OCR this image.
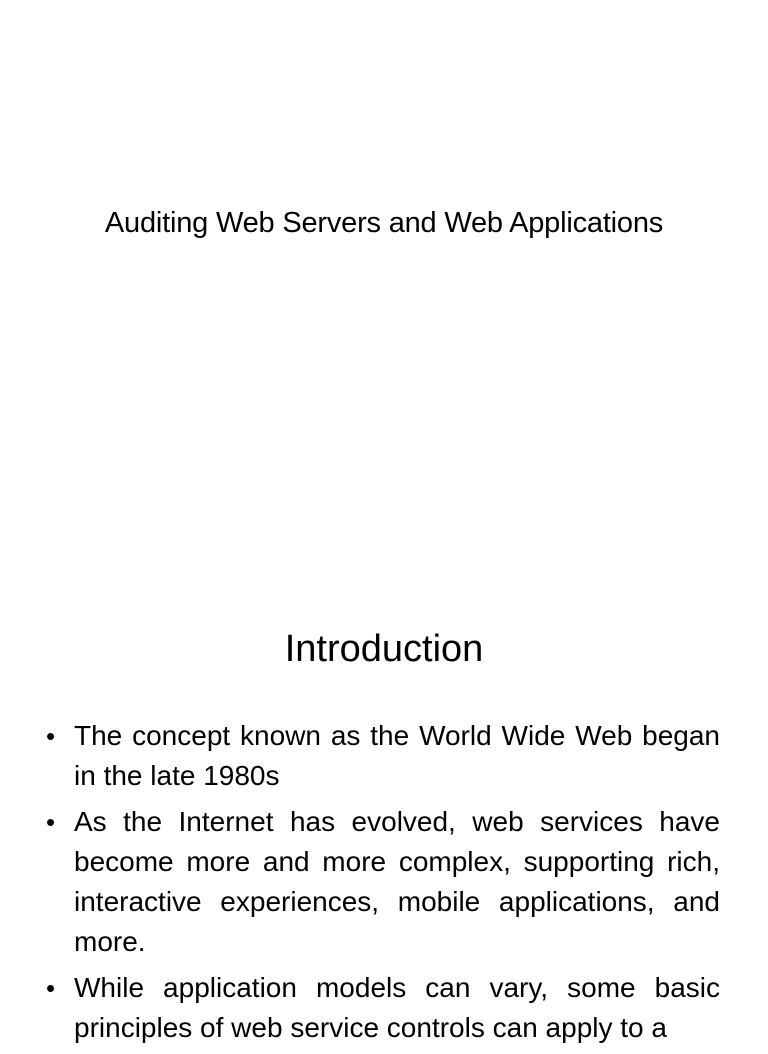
Auditing Web Servers and Web Applications
Introduction
• The concept known as the World Wide Web began in the late 1980s
• As the Internet has evolved, web services have become more and more complex, supporting rich, interactive experiences, mobile applications, and more.
• While application models can vary, some basic principles of web service controls can apply to a
